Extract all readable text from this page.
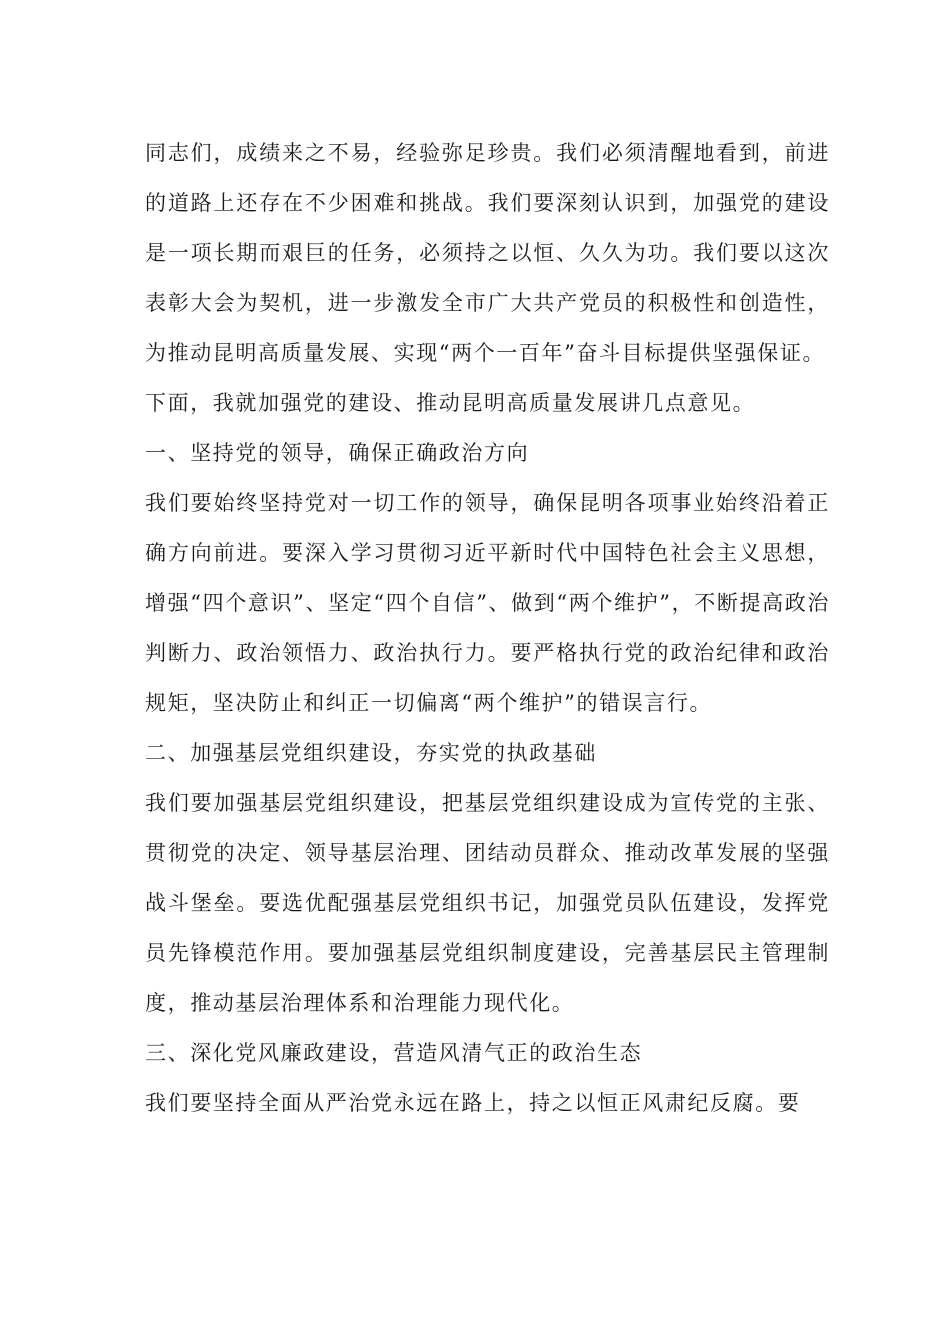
同志们，成绩来之不易，经验弥足珍贵。我们必须清醒地看到，前进的道路上还存在不少困难和挑战。我们要深刻认识到，加强党的建设是一项长期而艰巨的任务，必须持之以恒、久久为功。我们要以这次表彰大会为契机，进一步激发全市广大共产党员的积极性和创造性，为推动昆明高质量发展、实现“两个一百年”奋斗目标提供坚强保证。

下面，我就加强党的建设、推动昆明高质量发展讲几点意见。

一、坚持党的领导，确保正确政治方向

我们要始终坚持党对一切工作的领导，确保昆明各项事业始终沿着正确方向前进。要深入学习贯彻习近平新时代中国特色社会主义思想，增强“四个意识”、坚定“四个自信”、做到“两个维护”，不断提高政治判断力、政治领悟力、政治执行力。要严格执行党的政治纪律和政治规矩，坚决防止和纠正一切偏离“两个维护”的错误言行。

二、加强基层党组织建设，夯实党的执政基础

我们要加强基层党组织建设，把基层党组织建设成为宣传党的主张、贯彻党的决定、领导基层治理、团结动员群众、推动改革发展的坚强战斗堡垒。要选优配强基层党组织书记，加强党员队伍建设，发挥党员先锋模范作用。要加强基层党组织制度建设，完善基层民主管理制度，推动基层治理体系和治理能力现代化。

三、深化党风廉政建设，营造风清气正的政治生态

我们要坚持全面从严治党永远在路上，持之以恒正风肃纪反腐。要
